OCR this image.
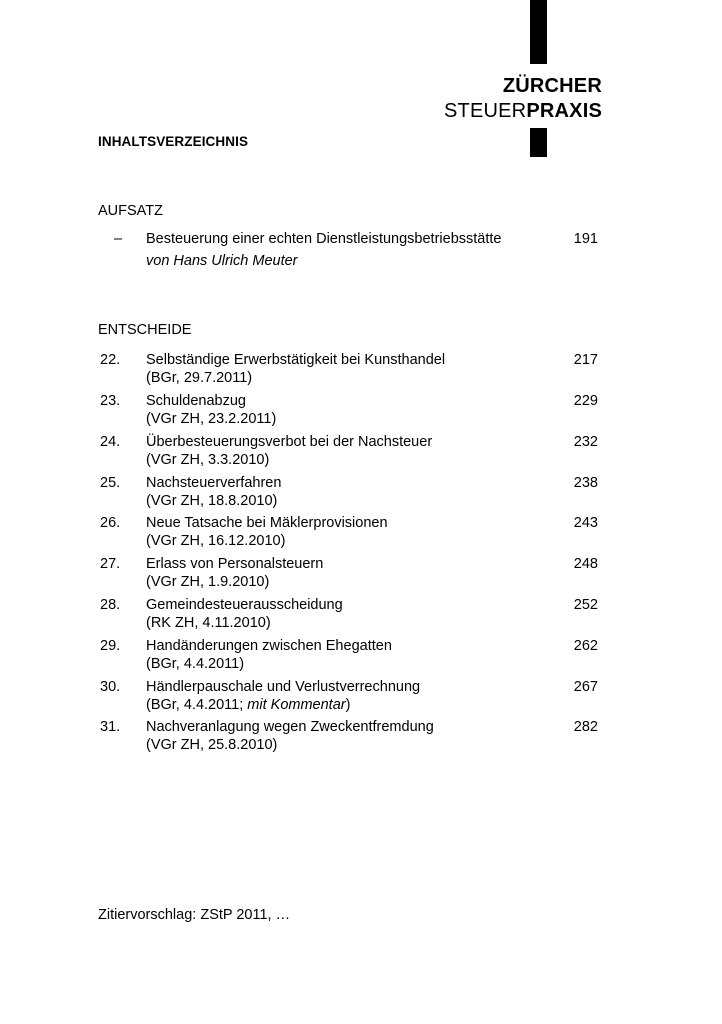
ZÜRCHER
STEUERPRAXIS
INHALTSVERZEICHNIS
AUFSATZ
– Besteuerung einer echten Dienstleistungsbetriebsstätte
von Hans Ulrich Meuter
191
ENTSCHEIDE
22. Selbständige Erwerbstätigkeit bei Kunsthandel
(BGr, 29.7.2011)
217
23. Schuldenabzug
(VGr ZH, 23.2.2011)
229
24. Überbesteuerungsverbot bei der Nachsteuer
(VGr ZH, 3.3.2010)
232
25. Nachsteuerverfahren
(VGr ZH, 18.8.2010)
238
26. Neue Tatsache bei Mäklerprovisionen
(VGr ZH, 16.12.2010)
243
27. Erlass von Personalsteuern
(VGr ZH, 1.9.2010)
248
28. Gemeindesteuerausscheidung
(RK ZH, 4.11.2010)
252
29. Handänderungen zwischen Ehegatten
(BGr, 4.4.2011)
262
30. Händlerpauschale und Verlustverrechnung
(BGr, 4.4.2011; mit Kommentar)
267
31. Nachveranlagung wegen Zweckentfremdung
(VGr ZH, 25.8.2010)
282
Zitiervorschlag: ZStP 2011, …
